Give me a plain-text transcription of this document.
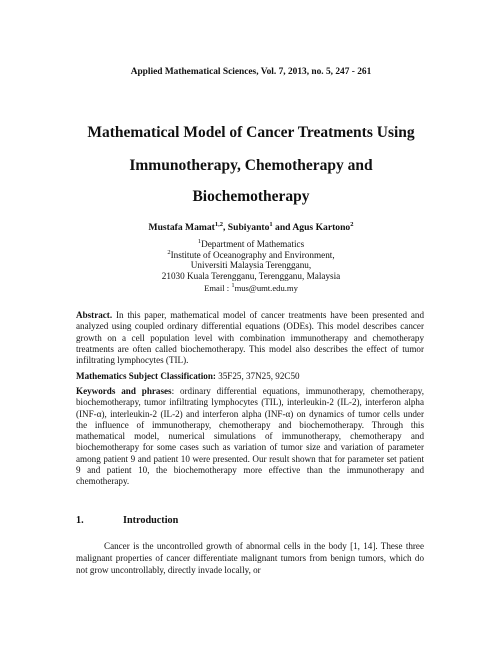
Applied Mathematical Sciences, Vol. 7, 2013, no. 5, 247 - 261
Mathematical Model of Cancer Treatments Using
Immunotherapy, Chemotherapy and
Biochemotherapy
Mustafa Mamat$^{1,2}$, Subiyanto$^1$ and Agus Kartono$^2$
$^1$Department of Mathematics
$^2$Institute of Oceanography and Environment,
Universiti Malaysia Terengganu,
21030 Kuala Terengganu, Terengganu, Malaysia
Email : $^1$mus@umt.edu.my
Abstract. In this paper, mathematical model of cancer treatments have been presented and analyzed using coupled ordinary differential equations (ODEs). This model describes cancer growth on a cell population level with combination immunotherapy and chemotherapy treatments are often called biochemotherapy. This model also describes the effect of tumor infiltrating lymphocytes (TIL).
Mathematics Subject Classification: 35F25, 37N25, 92C50
Keywords and phrases: ordinary differential equations, immunotherapy, chemotherapy, biochemotherapy, tumor infiltrating lymphocytes (TIL), interleukin-2 (IL-2), interferon alpha (INF-α), interleukin-2 (IL-2) and interferon alpha (INF-α) on dynamics of tumor cells under the influence of immunotherapy, chemotherapy and biochemotherapy. Through this mathematical model, numerical simulations of immunotherapy, chemotherapy and biochemotherapy for some cases such as variation of tumor size and variation of parameter among patient 9 and patient 10 were presented. Our result shown that for parameter set patient 9 and patient 10, the biochemotherapy more effective than the immunotherapy and chemotherapy.
1.	Introduction
Cancer is the uncontrolled growth of abnormal cells in the body [1, 14]. These three malignant properties of cancer differentiate malignant tumors from benign tumors, which do not grow uncontrollably, directly invade locally, or
